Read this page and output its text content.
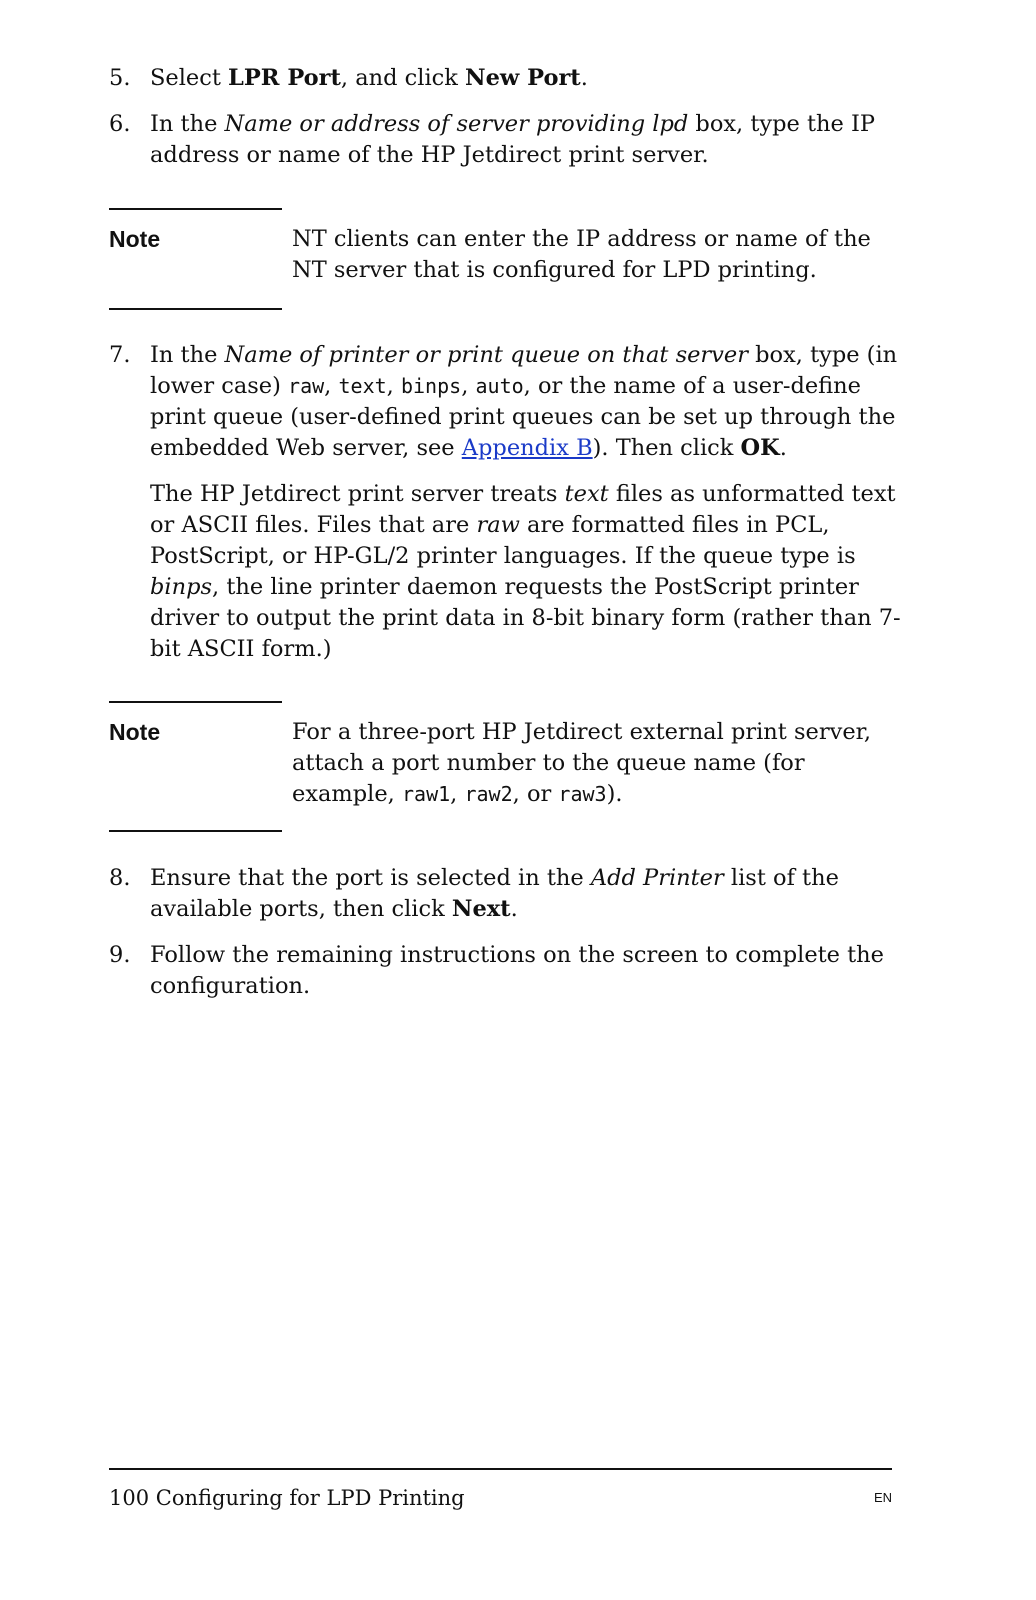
5. Select LPR Port, and click New Port.

6. In the Name or address of server providing lpd box, type the IP address or name of the HP Jetdirect print server.

Note	NT clients can enter the IP address or name of the NT server that is configured for LPD printing.
7. In the Name of printer or print queue on that server box, type (in lower case) raw, text, binps, auto, or the name of a user-define print queue (user-defined print queues can be set up through the embedded Web server, see Appendix B). Then click OK.

The HP Jetdirect print server treats text files as unformatted text or ASCII files. Files that are raw are formatted files in PCL, PostScript, or HP-GL/2 printer languages. If the queue type is binps, the line printer daemon requests the PostScript printer driver to output the print data in 8-bit binary form (rather than 7-bit ASCII form.)

Note	For a three-port HP Jetdirect external print server, attach a port number to the queue name (for example, raw1, raw2, or raw3).
8. Ensure that the port is selected in the Add Printer list of the available ports, then click Next.

9. Follow the remaining instructions on the screen to complete the configuration.

100 Configuring for LPD Printing	EN
